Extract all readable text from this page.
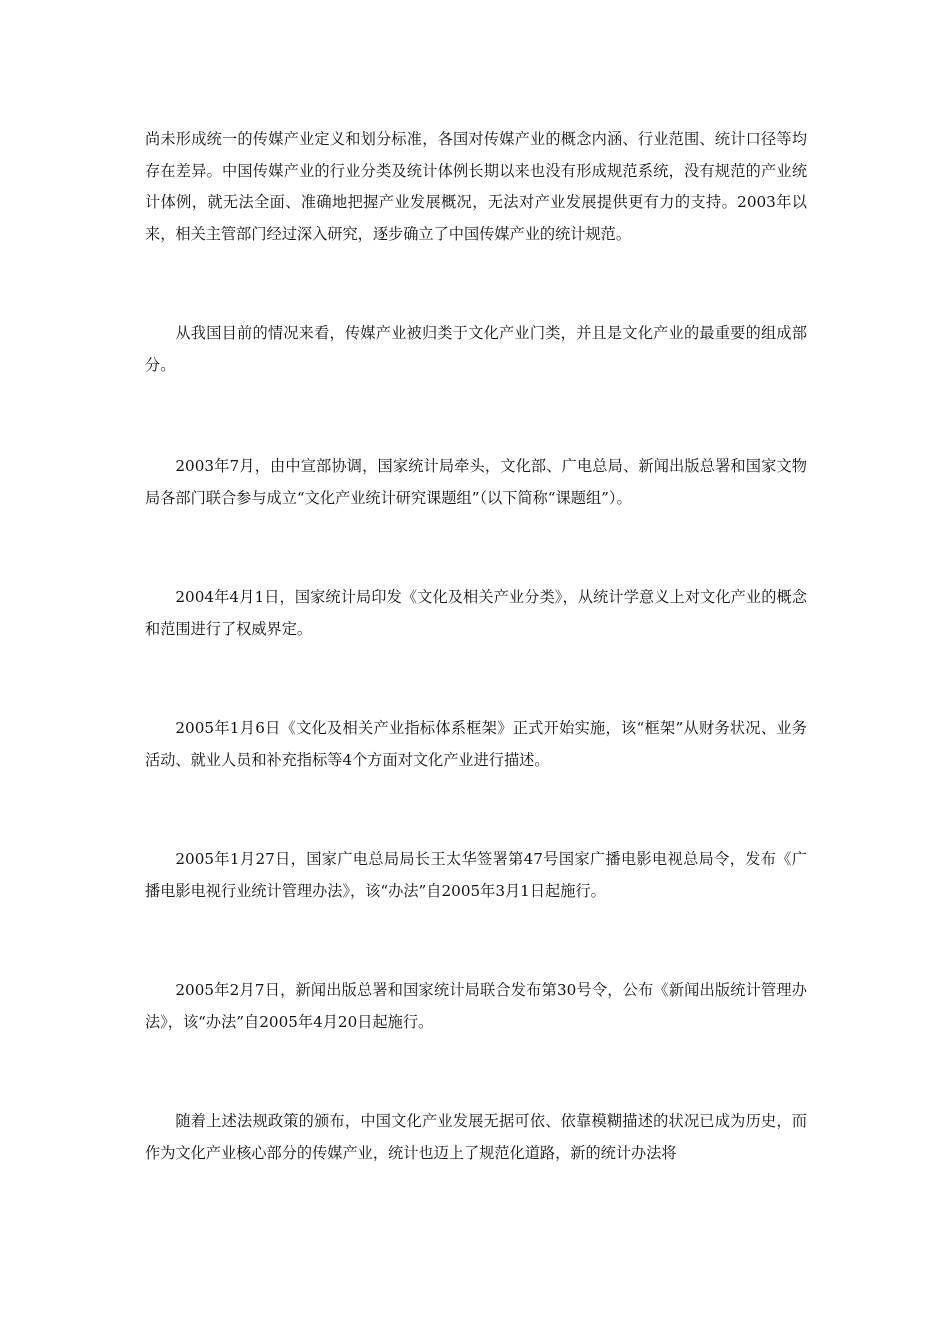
尚未形成统一的传媒产业定义和划分标准，各国对传媒产业的概念内涵、行业范围、统计口径等均存在差异。中国传媒产业的行业分类及统计体例长期以来也没有形成规范系统，没有规范的产业统计体例，就无法全面、准确地把握产业发展概况，无法对产业发展提供更有力的支持。2003年以来，相关主管部门经过深入研究，逐步确立了中国传媒产业的统计规范。

从我国目前的情况来看，传媒产业被归类于文化产业门类，并且是文化产业的最重要的组成部分。

2003年7月，由中宣部协调，国家统计局牵头，文化部、广电总局、新闻出版总署和国家文物局各部门联合参与成立“文化产业统计研究课题组”（以下简称“课题组”）。

2004年4月1日，国家统计局印发《文化及相关产业分类》，从统计学意义上对文化产业的概念和范围进行了权威界定。

2005年1月6日《文化及相关产业指标体系框架》正式开始实施，该“框架”从财务状况、业务活动、就业人员和补充指标等4个方面对文化产业进行描述。

2005年1月27日，国家广电总局局长王太华签署第47号国家广播电影电视总局令，发布《广播电影电视行业统计管理办法》，该“办法”自2005年3月1日起施行。

2005年2月7日，新闻出版总署和国家统计局联合发布第30号令，公布《新闻出版统计管理办法》，该“办法”自2005年4月20日起施行。

随着上述法规政策的颁布，中国文化产业发展无据可依、依靠模糊描述的状况已成为历史，而作为文化产业核心部分的传媒产业，统计也迈上了规范化道路，新的统计办法将
